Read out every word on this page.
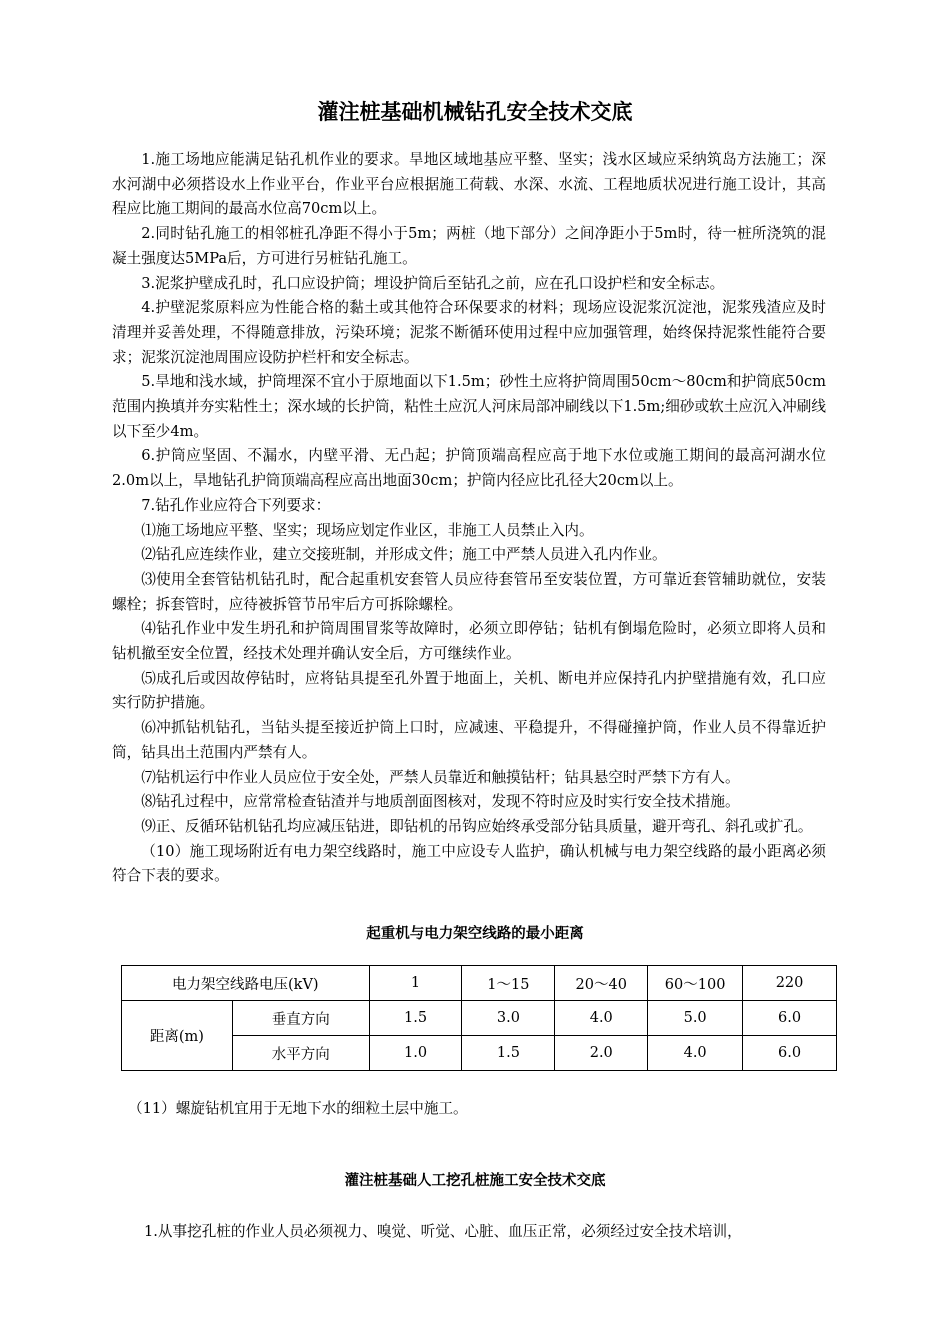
灌注桩基础机械钻孔安全技术交底

1.施工场地应能满足钻孔机作业的要求。旱地区域地基应平整、坚实；浅水区域应采纳筑岛方法施工；深水河湖中必须搭设水上作业平台，作业平台应根据施工荷载、水深、水流、工程地质状况进行施工设计，其高程应比施工期间的最高水位高70cm以上。

2.同时钻孔施工的相邻桩孔净距不得小于5m；两桩（地下部分）之间净距小于5m时，待一桩所浇筑的混凝土强度达5MPa后，方可进行另桩钻孔施工。

3.泥浆护壁成孔时，孔口应设护筒；埋设护筒后至钻孔之前，应在孔口设护栏和安全标志。

4.护壁泥浆原料应为性能合格的黏土或其他符合环保要求的材料；现场应设泥浆沉淀池，泥浆残渣应及时清理并妥善处理，不得随意排放，污染环境；泥浆不断循环使用过程中应加强管理，始终保持泥浆性能符合要求；泥浆沉淀池周围应设防护栏杆和安全标志。

5.旱地和浅水域，护筒埋深不宜小于原地面以下1.5m；砂性土应将护筒周围50cm～80cm和护筒底50cm范围内换填并夯实粘性土；深水域的长护筒，粘性土应沉人河床局部冲刷线以下1.5m;细砂或软土应沉入冲刷线以下至少4m。

6.护筒应坚固、不漏水，内壁平滑、无凸起；护筒顶端高程应高于地下水位或施工期间的最高河湖水位2.0m以上，旱地钻孔护筒顶端高程应高出地面30cm；护筒内径应比孔径大20cm以上。

7.钻孔作业应符合下列要求：

⑴施工场地应平整、坚实；现场应划定作业区，非施工人员禁止入内。

⑵钻孔应连续作业，建立交接班制，并形成文件；施工中严禁人员进入孔内作业。

⑶使用全套管钻机钻孔时，配合起重机安套管人员应待套管吊至安装位置，方可靠近套管辅助就位，安装螺栓；拆套管时，应待被拆管节吊牢后方可拆除螺栓。

⑷钻孔作业中发生坍孔和护筒周围冒浆等故障时，必须立即停钻；钻机有倒塌危险时，必须立即将人员和钻机撤至安全位置，经技术处理并确认安全后，方可继续作业。

⑸成孔后或因故停钻时，应将钻具提至孔外置于地面上，关机、断电并应保持孔内护壁措施有效，孔口应实行防护措施。

⑹冲抓钻机钻孔，当钻头提至接近护筒上口时，应减速、平稳提升，不得碰撞护筒，作业人员不得靠近护筒，钻具出土范围内严禁有人。

⑺钻机运行中作业人员应位于安全处，严禁人员靠近和触摸钻杆；钻具悬空时严禁下方有人。

⑻钻孔过程中，应常常检查钻渣并与地质剖面图核对，发现不符时应及时实行安全技术措施。

⑼正、反循环钻机钻孔均应减压钻进，即钻机的吊钩应始终承受部分钻具质量，避开弯孔、斜孔或扩孔。

（10）施工现场附近有电力架空线路时，施工中应设专人监护，确认机械与电力架空线路的最小距离必须符合下表的要求。

起重机与电力架空线路的最小距离
电力架空线路电压(kV)		1	1～15	20～40	60～100	220
距离(m)	垂直方向	1.5	3.0	4.0	5.0	6.0
	水平方向	1.0	1.5	2.0	4.0	6.0
（11）螺旋钻机宜用于无地下水的细粒土层中施工。
灌注桩基础人工挖孔桩施工安全技术交底
1.从事挖孔桩的作业人员必须视力、嗅觉、听觉、心脏、血压正常，必须经过安全技术培训，
